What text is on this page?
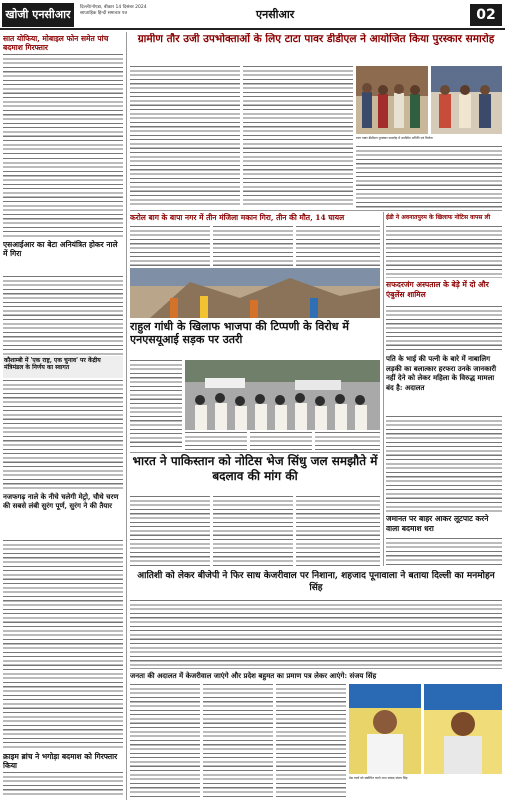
खोजी एनसीआर
दिल्ली/नोएडा, बीकार 14 दिसंबर 2024
साप्ताहिक हिन्दी समाचार पत्र	एनसीआर	02
सात योफिया, मोबाइल फोन समेत पांच बदमाश गिरफ्तार
एसआईआर का बेटा अनियंत्रित होकर नाले में गिरा
कौशाम्बी में 'एक राष्ट्र, एक चुनाव' पर केंद्रीय मंत्रिमंडल के निर्णय का स्वागत
नजफगढ़ नाले के नीचे चलेगी मेट्रो, चौथे चरण की सबसे लंबी सुरंग पूर्ण, सुरंग ने की तैयार
क्राइम ब्रांच ने भगोड़ा बदमाश को गिरफ्तार किया
ग्रामीण तौर उजी उपभोक्ताओं के लिए टाटा पावर डीडीएल ने आयोजित किया पुरस्कार समारोह
टाटा पावर डीडीएल पुरस्कार समारोह में उपस्थित अतिथि एवं विजेता
करोल बाग के बापा नगर में तीन मंजिला मकान गिरा, तीन की मौत, 14 घायल
राहुल गांधी के खिलाफ भाजपा की टिप्पणी के विरोध में एनएसयूआई सड़क पर उतरी
भारत ने पाकिस्तान को नोटिस भेज सिंधु जल समझौते में बदलाव की मांग की
आतिशी को लेकर बीजेपी ने फिर साध केजरीवाल पर निशाना, शहजाद पूनावाला ने बताया दिल्ली का मनमोहन सिंह
जनता की अदालत में केजरीवाल जाएंगे और प्रदेश बहुमत का प्रमाण पत्र लेकर आएंगे: संजय सिंह
प्रेस वार्ता को संबोधित करते आप सांसद संजय सिंह
ईडी ने अवनातपुरम के खिलाफ नोटिस वापस ली
सफदरजंग अस्पताल के बेड़े में दो और एंबुलेंस शामिल
पति के भाई की पत्नी के बारे में नाबालिग लड़की का बलात्कार हरफरा उनके जानकारी नहीं देने को लेकर महिला के विरुद्ध मामला बंद है: अदालत
जमानत पर बाहर आकर लूटपाट करने वाला बदमाश धरा
